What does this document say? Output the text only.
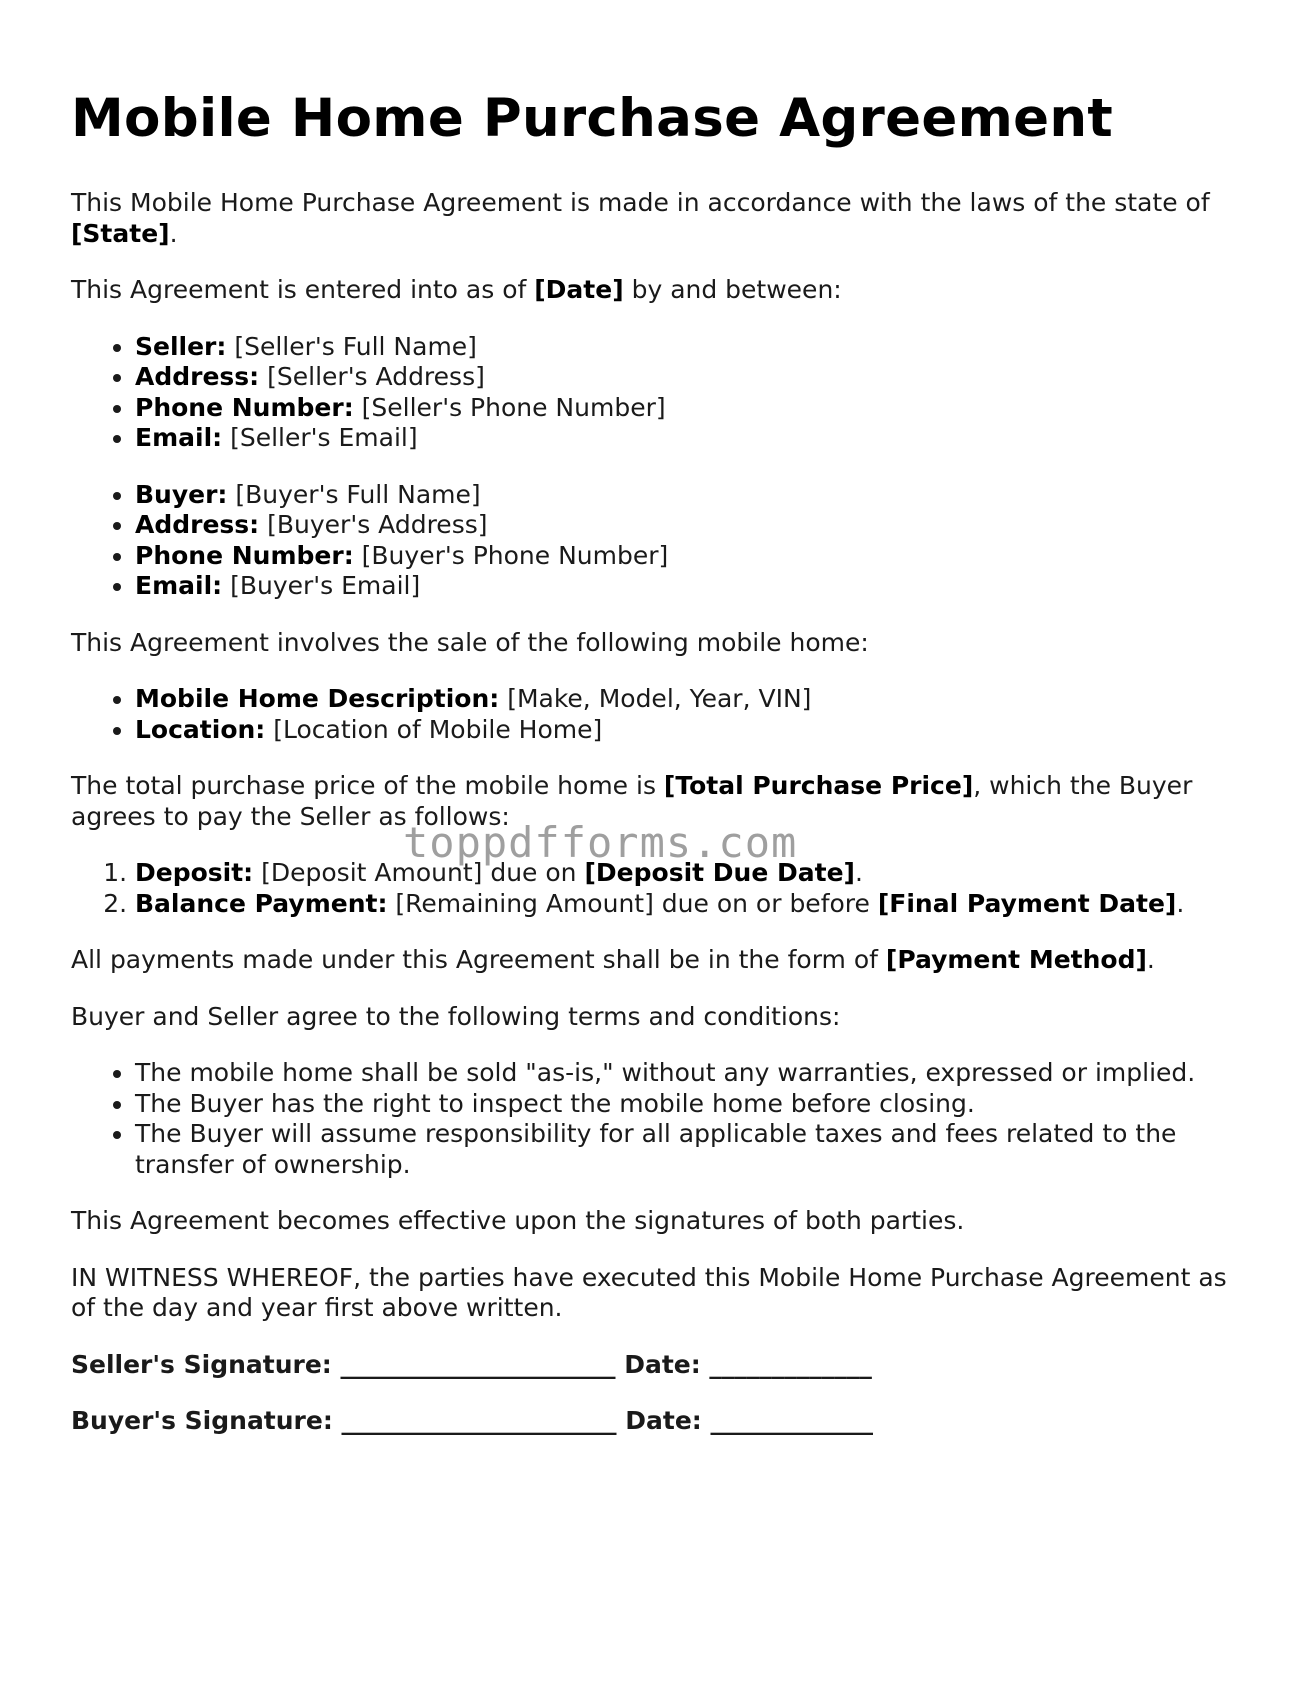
Mobile Home Purchase Agreement

This Mobile Home Purchase Agreement is made in accordance with the laws of the state of [State].

This Agreement is entered into as of [Date] by and between:

• Seller: [Seller's Full Name]
• Address: [Seller's Address]
• Phone Number: [Seller's Phone Number]
• Email: [Seller's Email]
• Buyer: [Buyer's Full Name]
• Address: [Buyer's Address]
• Phone Number: [Buyer's Phone Number]
• Email: [Buyer's Email]

This Agreement involves the sale of the following mobile home:

• Mobile Home Description: [Make, Model, Year, VIN]
• Location: [Location of Mobile Home]

The total purchase price of the mobile home is [Total Purchase Price], which the Buyer agrees to pay the Seller as follows:

1. Deposit: [Deposit Amount] due on [Deposit Due Date].
2. Balance Payment: [Remaining Amount] due on or before [Final Payment Date].

All payments made under this Agreement shall be in the form of [Payment Method].

Buyer and Seller agree to the following terms and conditions:

• The mobile home shall be sold "as-is," without any warranties, expressed or implied.
• The Buyer has the right to inspect the mobile home before closing.
• The Buyer will assume responsibility for all applicable taxes and fees related to the transfer of ownership.

This Agreement becomes effective upon the signatures of both parties.

IN WITNESS WHEREOF, the parties have executed this Mobile Home Purchase Agreement as of the day and year first above written.

Seller's Signature: ______________________ Date: _____________

Buyer's Signature: ______________________ Date: _____________

toppdfforms.com
